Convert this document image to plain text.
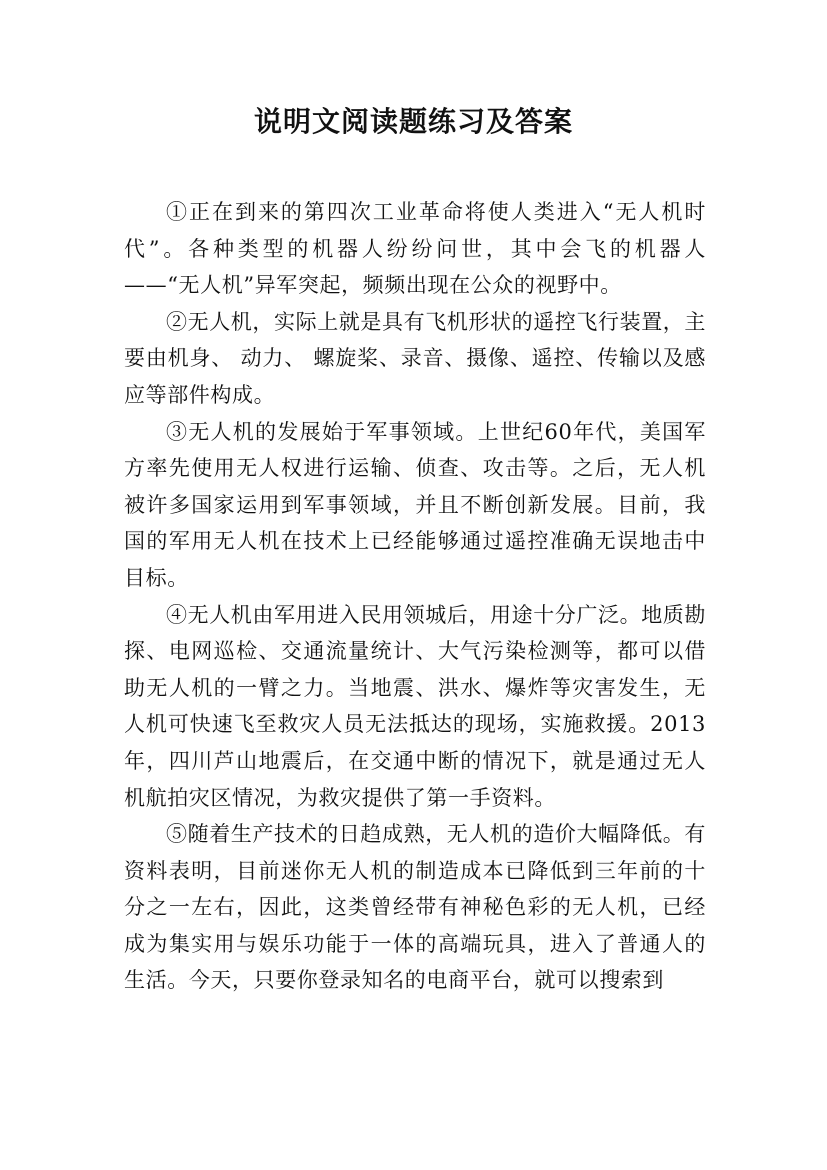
说明文阅读题练习及答案

①正在到来的第四次工业革命将使人类进入“无人机时代”。各种类型的机器人纷纷问世，其中会飞的机器人——“无人机”异军突起，频频出现在公众的视野中。

②无人机，实际上就是具有飞机形状的遥控飞行装置，主要由机身、 动力、 螺旋桨、录音、摄像、遥控、传输以及感应等部件构成。

③无人机的发展始于军事领域。上世纪60年代，美国军方率先使用无人权进行运输、侦查、攻击等。之后，无人机被许多国家运用到军事领域，并且不断创新发展。目前，我国的军用无人机在技术上已经能够通过遥控准确无误地击中目标。

④无人机由军用进入民用领城后，用途十分广泛。地质勘探、电网巡检、交通流量统计、大气污染检测等，都可以借助无人机的一臂之力。当地震、洪水、爆炸等灾害发生，无人机可快速飞至救灾人员无法抵达的现场，实施救援。2013年，四川芦山地震后，在交通中断的情况下，就是通过无人机航拍灾区情况，为救灾提供了第一手资料。

⑤随着生产技术的日趋成熟，无人机的造价大幅降低。有资料表明，目前迷你无人机的制造成本已降低到三年前的十分之一左右，因此，这类曾经带有神秘色彩的无人机，已经成为集实用与娱乐功能于一体的高端玩具，进入了普通人的生活。今天，只要你登录知名的电商平台，就可以搜索到
